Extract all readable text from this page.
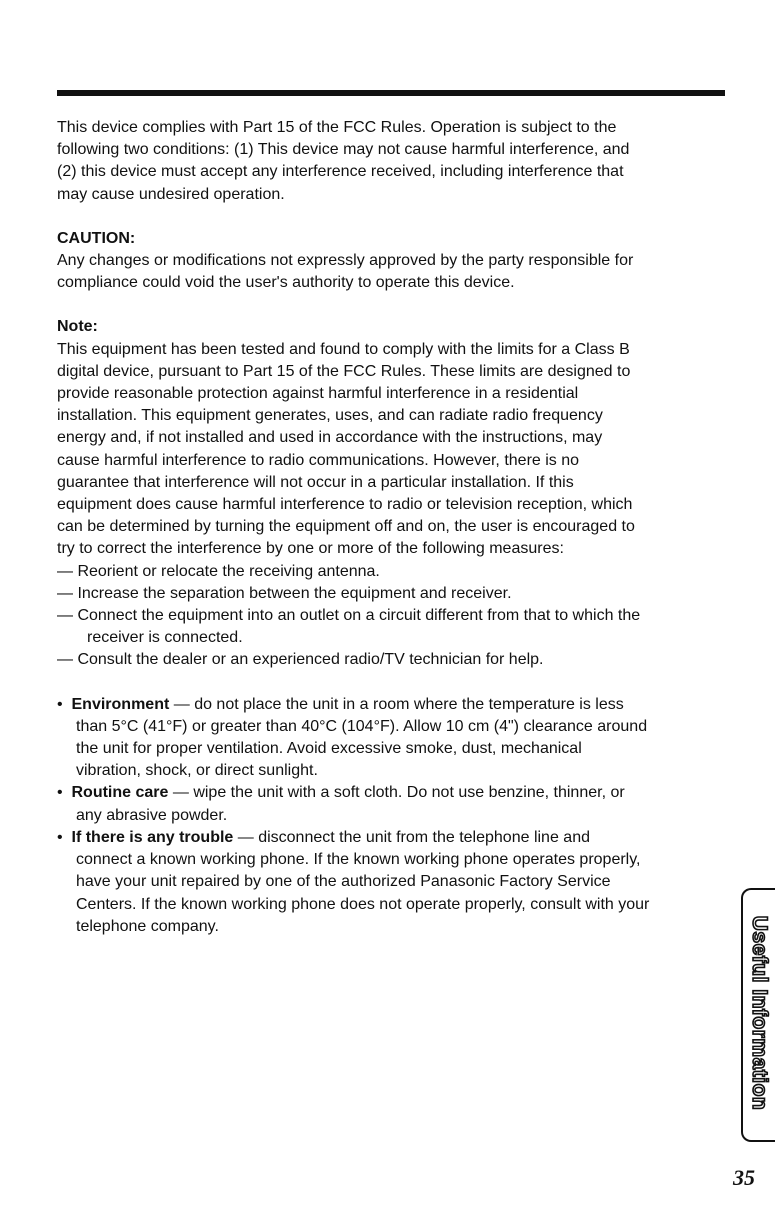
This device complies with Part 15 of the FCC Rules. Operation is subject to the
following two conditions: (1) This device may not cause harmful interference, and
(2) this device must accept any interference received, including interference that
may cause undesired operation.
CAUTION:
Any changes or modifications not expressly approved by the party responsible for
compliance could void the user's authority to operate this device.
Note:
This equipment has been tested and found to comply with the limits for a Class B
digital device, pursuant to Part 15 of the FCC Rules. These limits are designed to
provide reasonable protection against harmful interference in a residential
installation. This equipment generates, uses, and can radiate radio frequency
energy and, if not installed and used in accordance with the instructions, may
cause harmful interference to radio communications. However, there is no
guarantee that interference will not occur in a particular installation. If this
equipment does cause harmful interference to radio or television reception, which
can be determined by turning the equipment off and on, the user is encouraged to
try to correct the interference by one or more of the following measures:
— Reorient or relocate the receiving antenna.
— Increase the separation between the equipment and receiver.
— Connect the equipment into an outlet on a circuit different from that to which the
receiver is connected.
— Consult the dealer or an experienced radio/TV technician for help.
•  Environment — do not place the unit in a room where the temperature is less
than 5°C (41°F) or greater than 40°C (104°F). Allow 10 cm (4") clearance around
the unit for proper ventilation. Avoid excessive smoke, dust, mechanical
vibration, shock, or direct sunlight.
•  Routine care — wipe the unit with a soft cloth. Do not use benzine, thinner, or
any abrasive powder.
•  If there is any trouble — disconnect the unit from the telephone line and
connect a known working phone. If the known working phone operates properly,
have your unit repaired by one of the authorized Panasonic Factory Service
Centers. If the known working phone does not operate properly, consult with your
telephone company.	Useful Information
35
